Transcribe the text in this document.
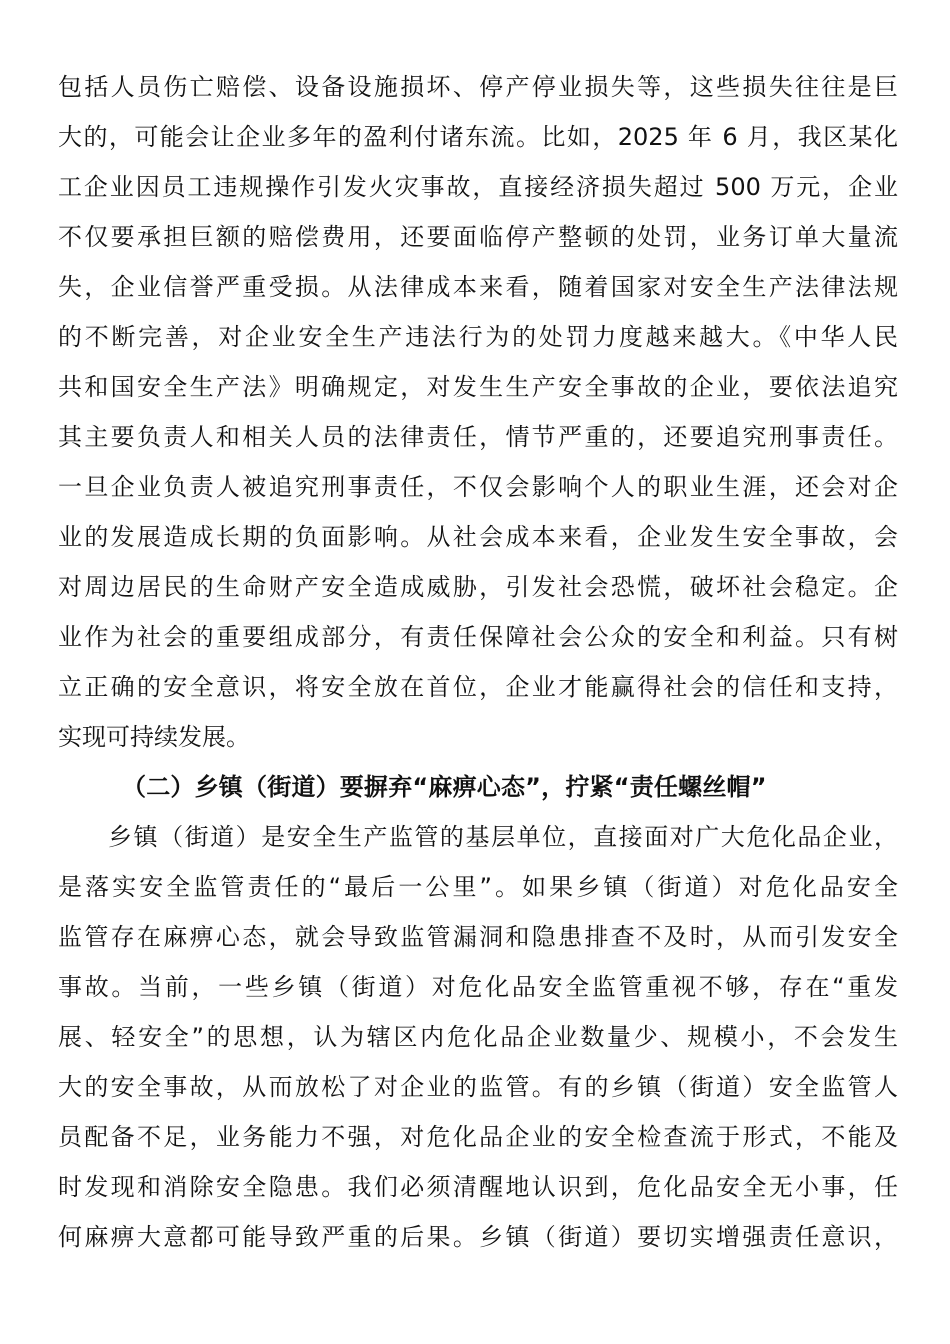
包括人员伤亡赔偿、设备设施损坏、停产停业损失等，这些损失往往是巨
大的，可能会让企业多年的盈利付诸东流。比如，2025 年 6 月，我区某化
工企业因员工违规操作引发火灾事故，直接经济损失超过 500 万元，企业
不仅要承担巨额的赔偿费用，还要面临停产整顿的处罚，业务订单大量流
失，企业信誉严重受损。从法律成本来看，随着国家对安全生产法律法规
的不断完善，对企业安全生产违法行为的处罚力度越来越大。《中华人民
共和国安全生产法》明确规定，对发生生产安全事故的企业，要依法追究
其主要负责人和相关人员的法律责任，情节严重的，还要追究刑事责任。
一旦企业负责人被追究刑事责任，不仅会影响个人的职业生涯，还会对企
业的发展造成长期的负面影响。从社会成本来看，企业发生安全事故，会
对周边居民的生命财产安全造成威胁，引发社会恐慌，破坏社会稳定。企
业作为社会的重要组成部分，有责任保障社会公众的安全和利益。只有树
立正确的安全意识，将安全放在首位，企业才能赢得社会的信任和支持，
实现可持续发展。
（二）乡镇（街道）要摒弃“麻痹心态”，拧紧“责任螺丝帽”
乡镇（街道）是安全生产监管的基层单位，直接面对广大危化品企业，
是落实安全监管责任的“最后一公里”。如果乡镇（街道）对危化品安全
监管存在麻痹心态，就会导致监管漏洞和隐患排查不及时，从而引发安全
事故。当前，一些乡镇（街道）对危化品安全监管重视不够，存在“重发
展、轻安全”的思想，认为辖区内危化品企业数量少、规模小，不会发生
大的安全事故，从而放松了对企业的监管。有的乡镇（街道）安全监管人
员配备不足，业务能力不强，对危化品企业的安全检查流于形式，不能及
时发现和消除安全隐患。我们必须清醒地认识到，危化品安全无小事，任
何麻痹大意都可能导致严重的后果。乡镇（街道）要切实增强责任意识，
